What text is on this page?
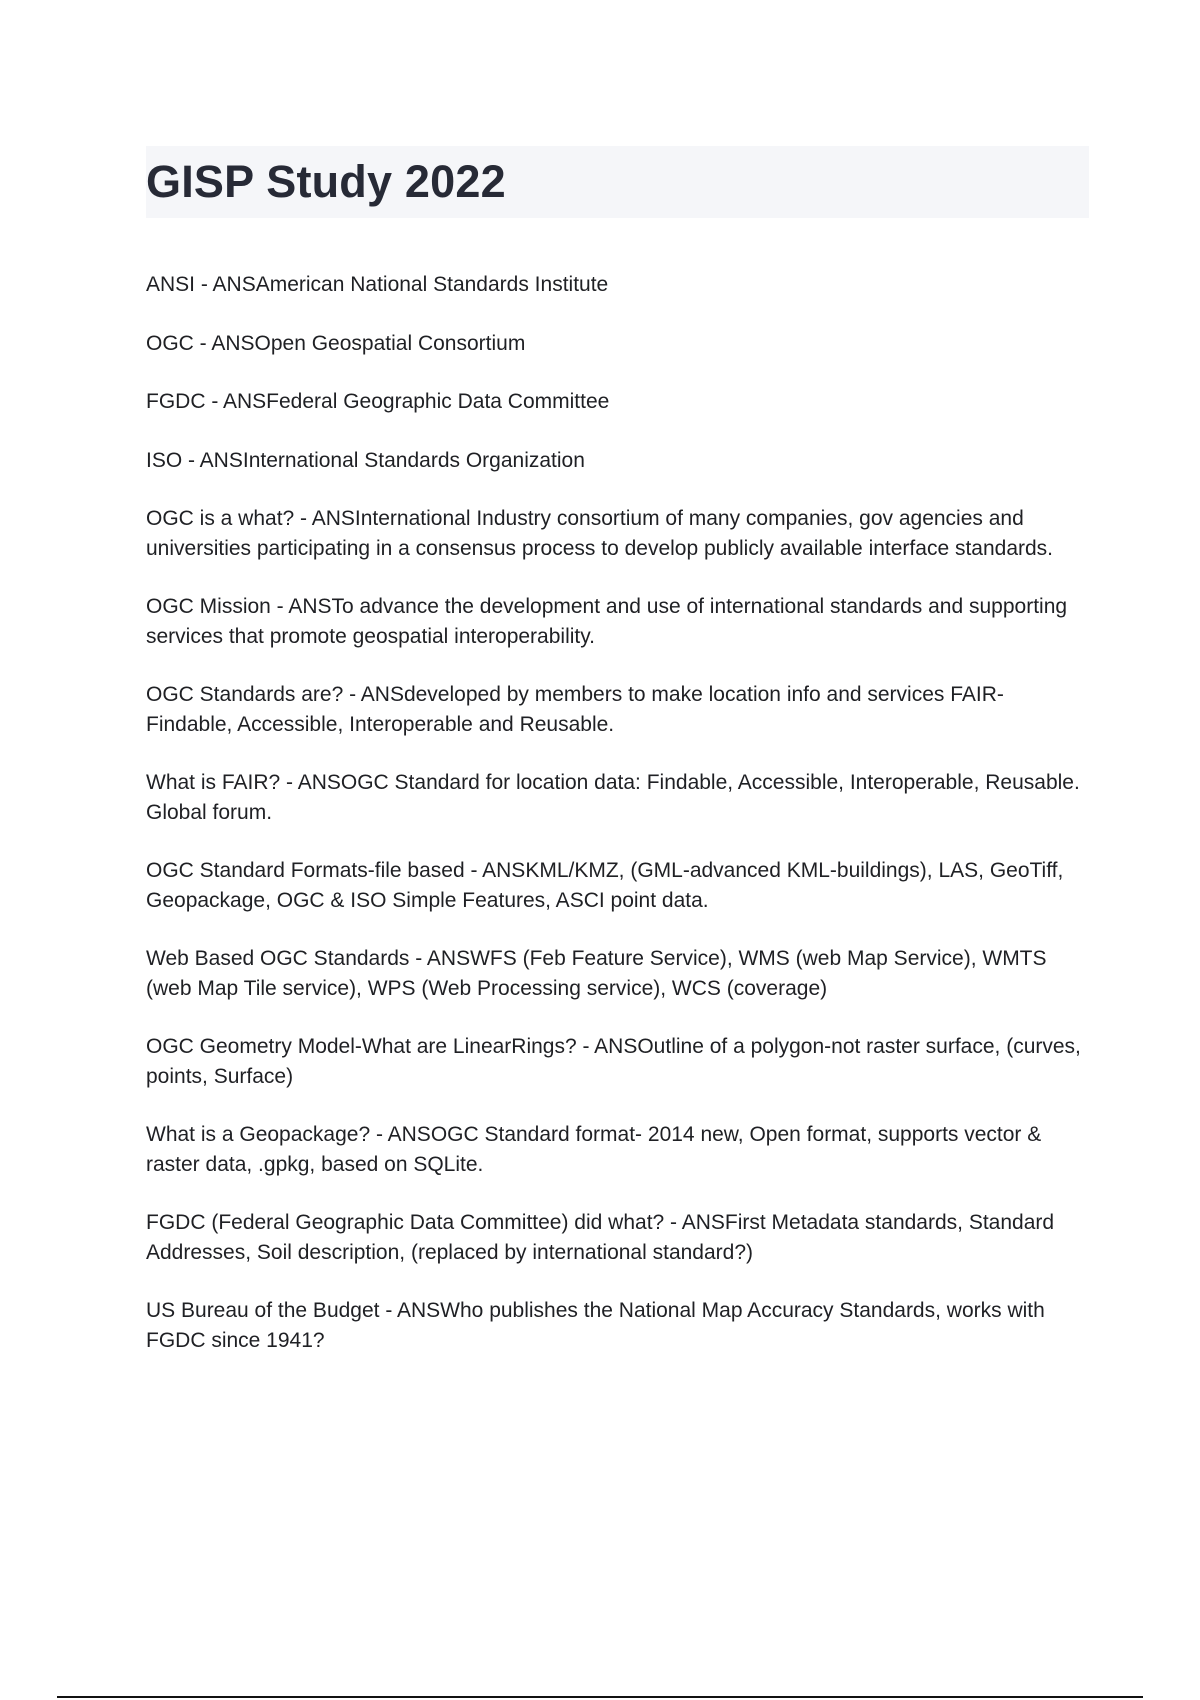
GISP Study 2022
ANSI - ANSAmerican National Standards Institute
OGC - ANSOpen Geospatial Consortium
FGDC - ANSFederal Geographic Data Committee
ISO - ANSInternational Standards Organization
OGC is a what? - ANSInternational Industry consortium of many companies, gov agencies and universities participating in a consensus process to develop publicly available interface standards.
OGC Mission - ANSTo advance the development and use of international standards and supporting services that promote geospatial interoperability.
OGC Standards are? - ANSdeveloped by members to make location info and services FAIR- Findable, Accessible, Interoperable and Reusable.
What is FAIR? - ANSOGC Standard for location data: Findable, Accessible, Interoperable, Reusable. Global forum.
OGC Standard Formats-file based - ANSKML/KMZ, (GML-advanced KML-buildings), LAS, GeoTiff, Geopackage, OGC & ISO Simple Features, ASCI point data.
Web Based OGC Standards - ANSWFS (Feb Feature Service), WMS (web Map Service), WMTS (web Map Tile service), WPS (Web Processing service), WCS (coverage)
OGC Geometry Model-What are LinearRings? - ANSOutline of a polygon-not raster surface, (curves, points, Surface)
What is a Geopackage? - ANSOGC Standard format- 2014 new, Open format, supports vector & raster data, .gpkg, based on SQLite.
FGDC (Federal Geographic Data Committee) did what? - ANSFirst Metadata standards, Standard Addresses, Soil description, (replaced by international standard?)
US Bureau of the Budget - ANSWho publishes the National Map Accuracy Standards, works with FGDC since 1941?
